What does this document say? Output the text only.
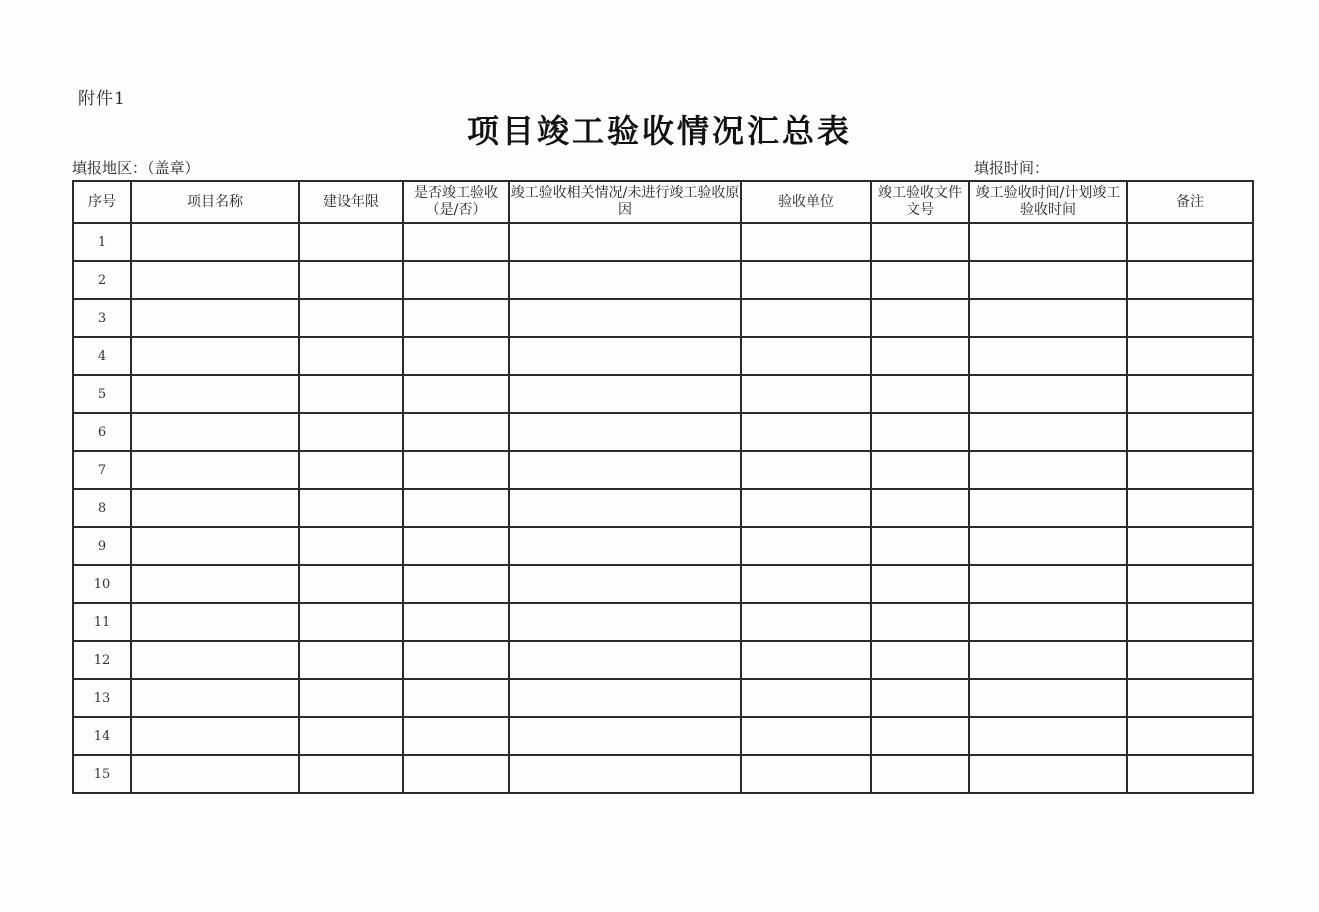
附件1
项目竣工验收情况汇总表
填报地区：（盖章）	填报时间：
序号	项目名称	建设年限	是否竣工验收（是/否）	竣工验收相关情况/未进行竣工验收原因	验收单位	竣工验收文件文号	竣工验收时间/计划竣工验收时间	备注
1								
2								
3								
4								
5								
6								
7								
8								
9								
10								
11								
12								
13								
14								
15								
